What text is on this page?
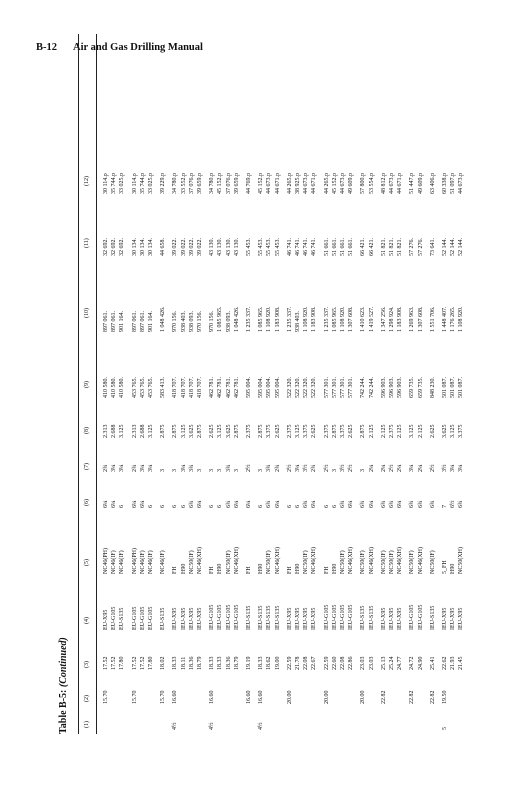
B-12 Air and Gas Drilling Manual
Table B-5: (Continued)
(1)
(2)
(3)
(4)
(5)
(6)
(7)
(8)
(9)
(10)
(11)
(12)
15.70
17.52
EU-X95
NC46(PH)
6¼
2¾
2.313
410 580.
897 061.
32 692.
30 114.p
17.52
EU-G105
NC46(IF)
6¼
3¼
2.688
410 580.
897 061.
32 692.
35 744.p
17.80
EU-S135
NC46(IF)
6
3¼
3.125
410 580.
901 164.
32 692.
33 025.p
15.70
17.52
EU-G105
NC46(PH)
6¼
2¾
2.313
453 765.
897 061.
30 134.
30 114.p
17.52
EU-G105
NC46(IF)
6¼
3¼
2.688
453 765.
897 061.
30 134.
35 744.p
17.80
EU-G105
NC46(IF)
6
3¼
3.125
453 765.
901 164.
30 134.
33 025.p
15.70
18.02
EU-S135
NC46(IF)
6
3
2.875
583 413.
1 048 426.
44 658.
39 229.p
4½
16.60
18.33
IEU-X95
FH
6
3
2.875
418 707.
970 156.
39 022.
34 780.p
18.11
IEU-X95
H90
6
3¼
3.125
418 707.
938 403.
39 022.
33 552.p
18.36
IEU-X95
NC50(IF)
6¾
3¾
3.625
418 707.
938 093.
39 022.
37 076.p
18.79
IEU-X95
NC46(XH)
6¼
3
2.875
418 707.
970 156.
39 022.
39 659.p
4½
16.60
18.33
IEU-G105
FH
6
3
2.625
462 781.
970 156.
43 130.
34 780.p
18.33
IEU-G105
H90
6
3
3.125
462 781.
1 085 965.
43 130.
45 152.p
18.36
IEU-G105
NC50(IF)
6¾
3¾
3.625
462 781.
938 093.
43 130.
37 076.p
18.79
IEU-G105
NC46(XH)
6¼
3
2.875
462 781.
1 048 426.
43 130.
39 659.p
16.60
19.19
IEU-S135
FH
6¼
2½
2.375
595 004.
1 235 337.
55 453.
44 769.p
4½
16.60
18.33
IEU-S135
H90
6
3
2.875
595 004.
1 085 965.
55 453.
45 152.p
18.62
IEU-S135
NC50(IF)
6¾
3¾
3.375
595 004.
1 108 920.
55 453.
44 673.p
19.00
IEU-S135
NC46(XH)
6¼
2¾
2.625
595 004.
1 183 908.
55 453.
44 671.p
20.00
22.59
IEU-X95
FH
6
2½
2.375
522 320.
1 235 337.
46 741.
44 265.p
21.78
IEU-X95
H90
6
3¼
3.125
522 320.
938 403.
46 741.
38 925.p
22.08
IEU-X95
NC50(IF)
6¾
3½
3.375
522 320.
1 108 920.
46 741.
44 673.p
22.67
IEU-X95
NC46(XH)
6¼
2¾
2.625
522 320.
1 183 908.
46 741.
44 671.p
20.00
22.59
IEU-G105
FH
6
2½
2.375
577 301.
1 235 337.
51 661.
44 265.p
22.60
IEU-G105
H90
6
3
2.875
577 301.
1 085 965.
51 661.
45 152.p
22.08
IEU-G105
NC50(IF)
6¾
3½
3.375
577 301.
1 108 920.
51 661.
44 673.p
22.86
IEU-G105
NC46(XH)
6¼
2½
2.625
577 301.
1 307 608.
51 661.
49 609.p
20.00
23.03
IEU-S135
NC50(IF)
6¾
3
2.875
742 244.
1 410 623.
66 421.
57 800.p
23.03
IEU-S135
NC46(XH)
6¼
2¼
2.125
742 244.
1 419 527.
66 421.
53 554.p
22.82
25.13
IEU-X95
NC50(IF)
6¾
2¼
2.125
596 903.
1 347 256.
51 821.
48 812.p
25.24
IEU-X95
NC50(IF)
6¾
2½
2.375
596 903.
1 298 924.
51 821.
44 673.p
24.77
IEU-X95
NC46(XH)
6¼
2¼
2.125
596 903.
1 183 908.
51 821.
44 671.p
22.82
24.72
IEU-G105
NC50(IF)
6¾
3¼
3.125
659 735.
1 269 963.
57 276.
51 447.p
24.90
IEU-G105
NC46(XH)
6¾
2¼
2.125
659 735.
1 307 608.
57 276.
49 609.p
22.82
25.41
IEU-S135
NC50(IF)
6¾
2½
2.625
848 230.
1 551 706.
73 641.
63 406.p
5
19.50
22.62
IEU-X95
5_FH
7
3½
3.625
501 087.
1 448 407.
52 144.
60 338.p
21.93
IEU-X95
H90
6½
3¼
3.125
501 087.
1 176 265.
52 144.
51 097.p
21.45
IEU-X95
NC50(XH)
6¾
3¼
3.375
501 087.
1 108 920.
52 144.
44 673.p
